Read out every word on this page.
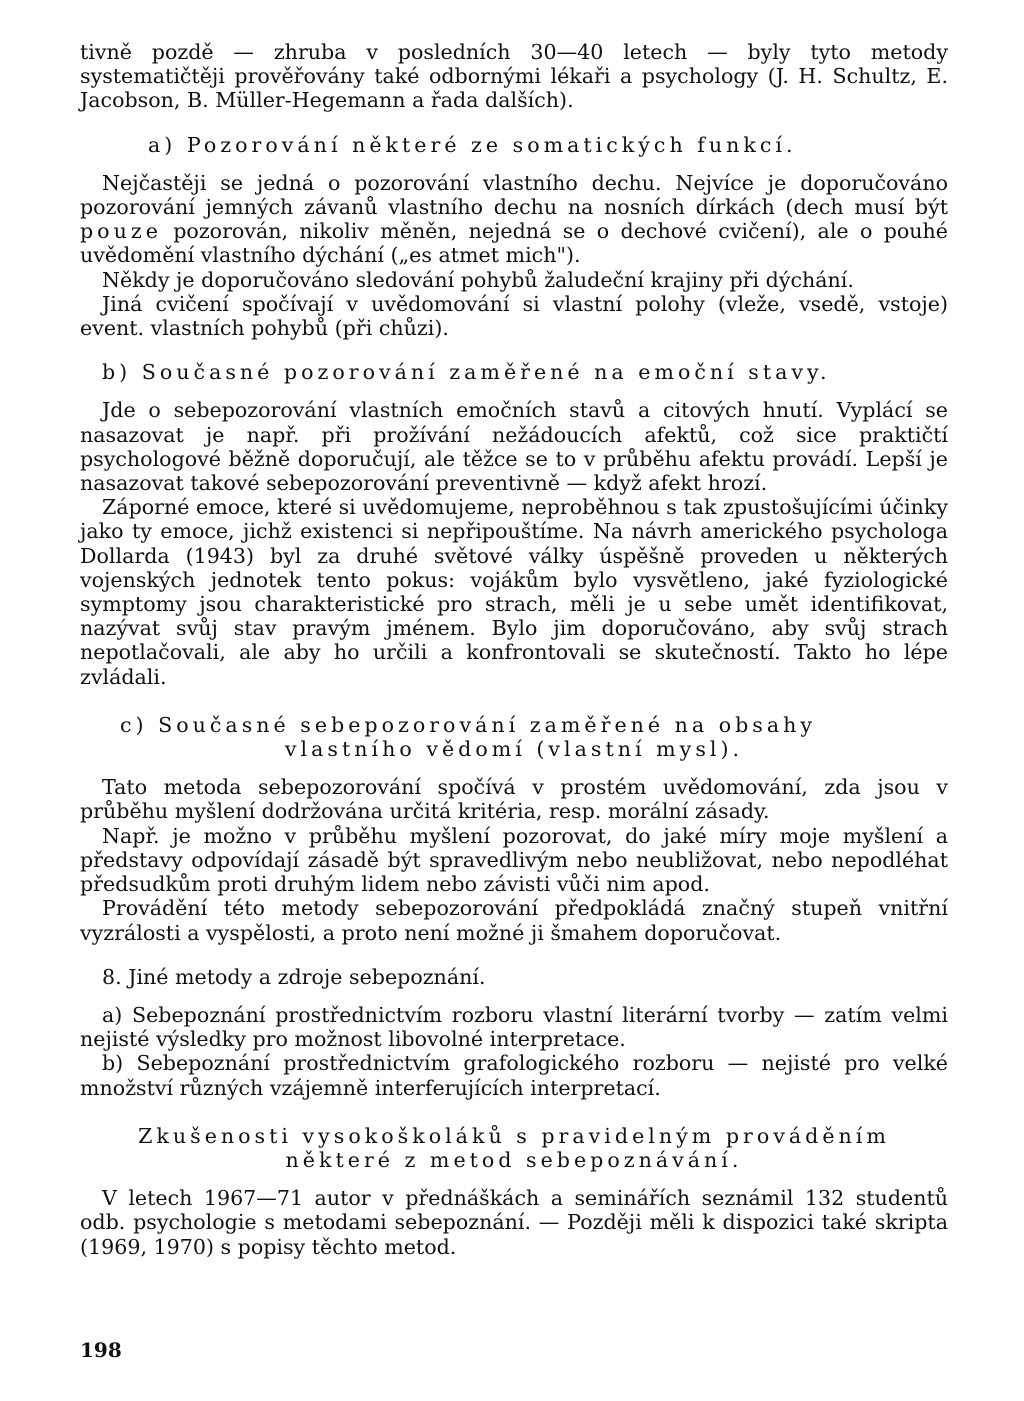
tivně pozdě — zhruba v posledních 30—40 letech — byly tyto metody systematičtěji prověřovány také odbornými lékaři a psychology (J. H. Schultz, E. Jacobson, B. Müller-Hegemann a řada dalších).

a) Pozorování některé ze somatických funkcí.

Nejčastěji se jedná o pozorování vlastního dechu. Nejvíce je doporučováno pozorování jemných závanů vlastního dechu na nosních dírkách (dech musí být pouze pozorován, nikoliv měněn, nejedná se o dechové cvičení), ale o pouhé uvědomění vlastního dýchání („es atmet mich").

Někdy je doporučováno sledování pohybů žaludeční krajiny při dýchání.

Jiná cvičení spočívají v uvědomování si vlastní polohy (vleže, vsedě, vstoje) event. vlastních pohybů (při chůzi).

b) Současné pozorování zaměřené na emoční stavy.

Jde o sebepozorování vlastních emočních stavů a citových hnutí. Vyplácí se nasazovat je např. při prožívání nežádoucích afektů, což sice praktičtí psychologové běžně doporučují, ale těžce se to v průběhu afektu provádí. Lepší je nasazovat takové sebepozorování preventivně — když afekt hrozí.

Záporné emoce, které si uvědomujeme, neproběhnou s tak zpustošujícími účinky jako ty emoce, jichž existenci si nepřipouštíme. Na návrh amerického psychologa Dollarda (1943) byl za druhé světové války úspěšně proveden u některých vojenských jednotek tento pokus: vojákům bylo vysvětleno, jaké fyziologické symptomy jsou charakteristické pro strach, měli je u sebe umět identifikovat, nazývat svůj stav pravým jménem. Bylo jim doporučováno, aby svůj strach nepotlačovali, ale aby ho určili a konfrontovali se skutečností. Takto ho lépe zvládali.

c) Současné sebepozorování zaměřené na obsahy

vlastního vědomí (vlastní mysl).

Tato metoda sebepozorování spočívá v prostém uvědomování, zda jsou v průběhu myšlení dodržována určitá kritéria, resp. morální zásady.

Např. je možno v průběhu myšlení pozorovat, do jaké míry moje myšlení a představy odpovídají zásadě být spravedlivým nebo neubližovat, nebo nepodléhat předsudkům proti druhým lidem nebo závisti vůči nim apod.

Provádění této metody sebepozorování předpokládá značný stupeň vnitřní vyzrálosti a vyspělosti, a proto není možné ji šmahem doporučovat.

8. Jiné metody a zdroje sebepoznání.

a) Sebepoznání prostřednictvím rozboru vlastní literární tvorby — zatím velmi nejisté výsledky pro možnost libovolné interpretace.

b) Sebepoznání prostřednictvím grafologického rozboru — nejisté pro velké množství různých vzájemně interferujících interpretací.

Zkušenosti vysokoškoláků s pravidelným prováděním

některé z metod sebepoznávání.

V letech 1967—71 autor v přednáškách a seminářích seznámil 132 studentů odb. psychologie s metodami sebepoznání. — Později měli k dispozici také skripta (1969, 1970) s popisy těchto metod.

198
